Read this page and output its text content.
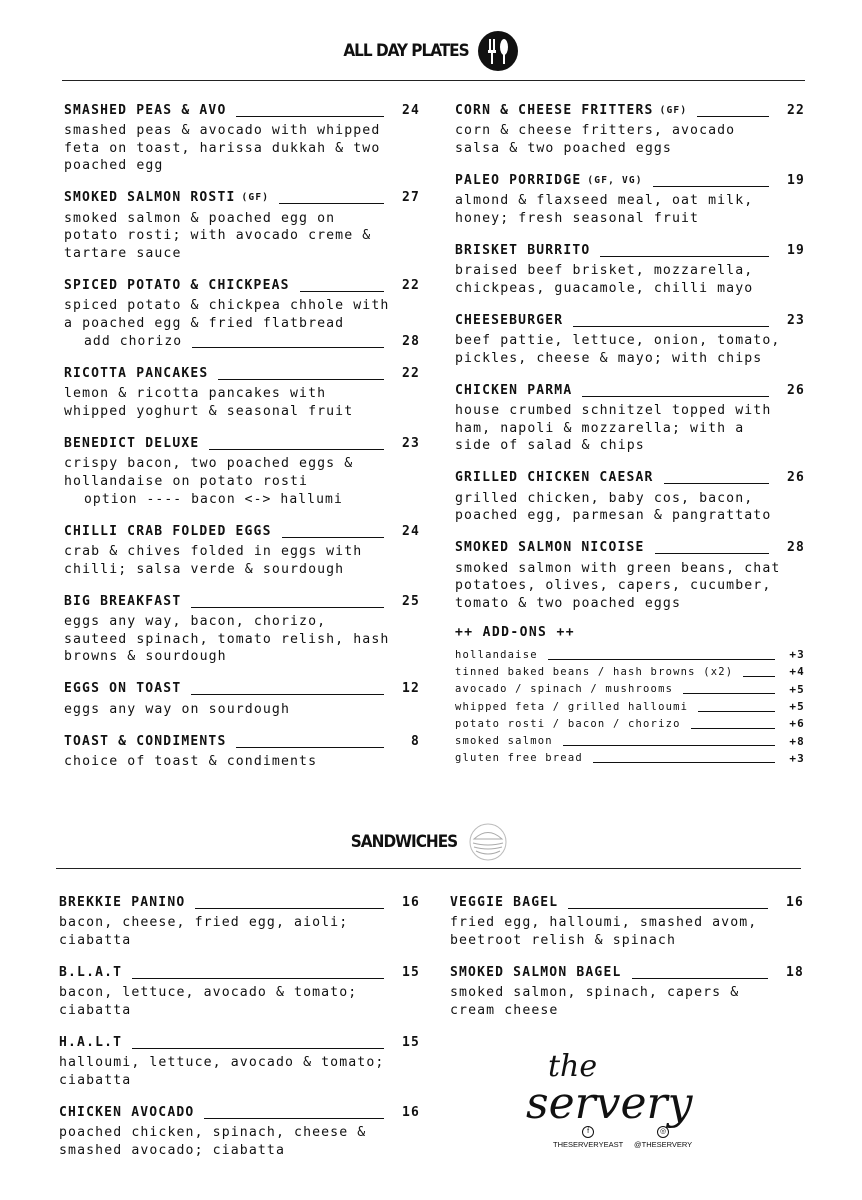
ALL DAY PLATES
SMASHED PEAS & AVO	24
smashed peas & avocado with whipped
feta on toast, harissa dukkah & two
poached egg
SMOKED SALMON ROSTI (GF)	27
smoked salmon & poached egg on
potato rosti; with avocado creme &
tartare sauce
SPICED POTATO & CHICKPEAS	22
spiced potato & chickpea chhole with
a poached egg & fried flatbread
add chorizo	28
RICOTTA PANCAKES	22
lemon & ricotta pancakes with
whipped yoghurt & seasonal fruit
BENEDICT DELUXE	23
crispy bacon, two poached eggs &
hollandaise on potato rosti
option ---- bacon <-> hallumi
CHILLI CRAB FOLDED EGGS	24
crab & chives folded in eggs with
chilli; salsa verde & sourdough
BIG BREAKFAST	25
eggs any way, bacon, chorizo,
sauteed spinach, tomato relish, hash
browns & sourdough
EGGS ON TOAST	12
eggs any way on sourdough
TOAST & CONDIMENTS	8
choice of toast & condiments
CORN & CHEESE FRITTERS (GF)	22
corn & cheese fritters, avocado
salsa & two poached eggs
PALEO PORRIDGE (GF, VG)	19
almond & flaxseed meal, oat milk,
honey; fresh seasonal fruit
BRISKET BURRITO	19
braised beef brisket, mozzarella,
chickpeas, guacamole, chilli mayo
CHEESEBURGER	23
beef pattie, lettuce, onion, tomato,
pickles, cheese & mayo; with chips
CHICKEN PARMA	26
house crumbed schnitzel topped with
ham, napoli & mozzarella; with a
side of salad & chips
GRILLED CHICKEN CAESAR	26
grilled chicken, baby cos, bacon,
poached egg, parmesan & pangrattato
SMOKED SALMON NICOISE	28
smoked salmon with green beans, chat
potatoes, olives, capers, cucumber,
tomato & two poached eggs
++ ADD-ONS ++
hollandaise	+3
tinned baked beans / hash browns (x2)	+4
avocado / spinach / mushrooms	+5
whipped feta / grilled halloumi	+5
potato rosti / bacon / chorizo	+6
smoked salmon	+8
gluten free bread	+3
SANDWICHES
BREKKIE PANINO	16
bacon, cheese, fried egg, aioli;
ciabatta
B.L.A.T	15
bacon, lettuce, avocado & tomato;
ciabatta
H.A.L.T	15
halloumi, lettuce, avocado & tomato;
ciabatta
CHICKEN AVOCADO	16
poached chicken, spinach, cheese &
smashed avocado; ciabatta
VEGGIE BAGEL	16
fried egg, halloumi, smashed avom,
beetroot relish & spinach
SMOKED SALMON BAGEL	18
smoked salmon, spinach, capers &
cream cheese
the
servery
f
THESERVERYEAST
◎
@THESERVERY
